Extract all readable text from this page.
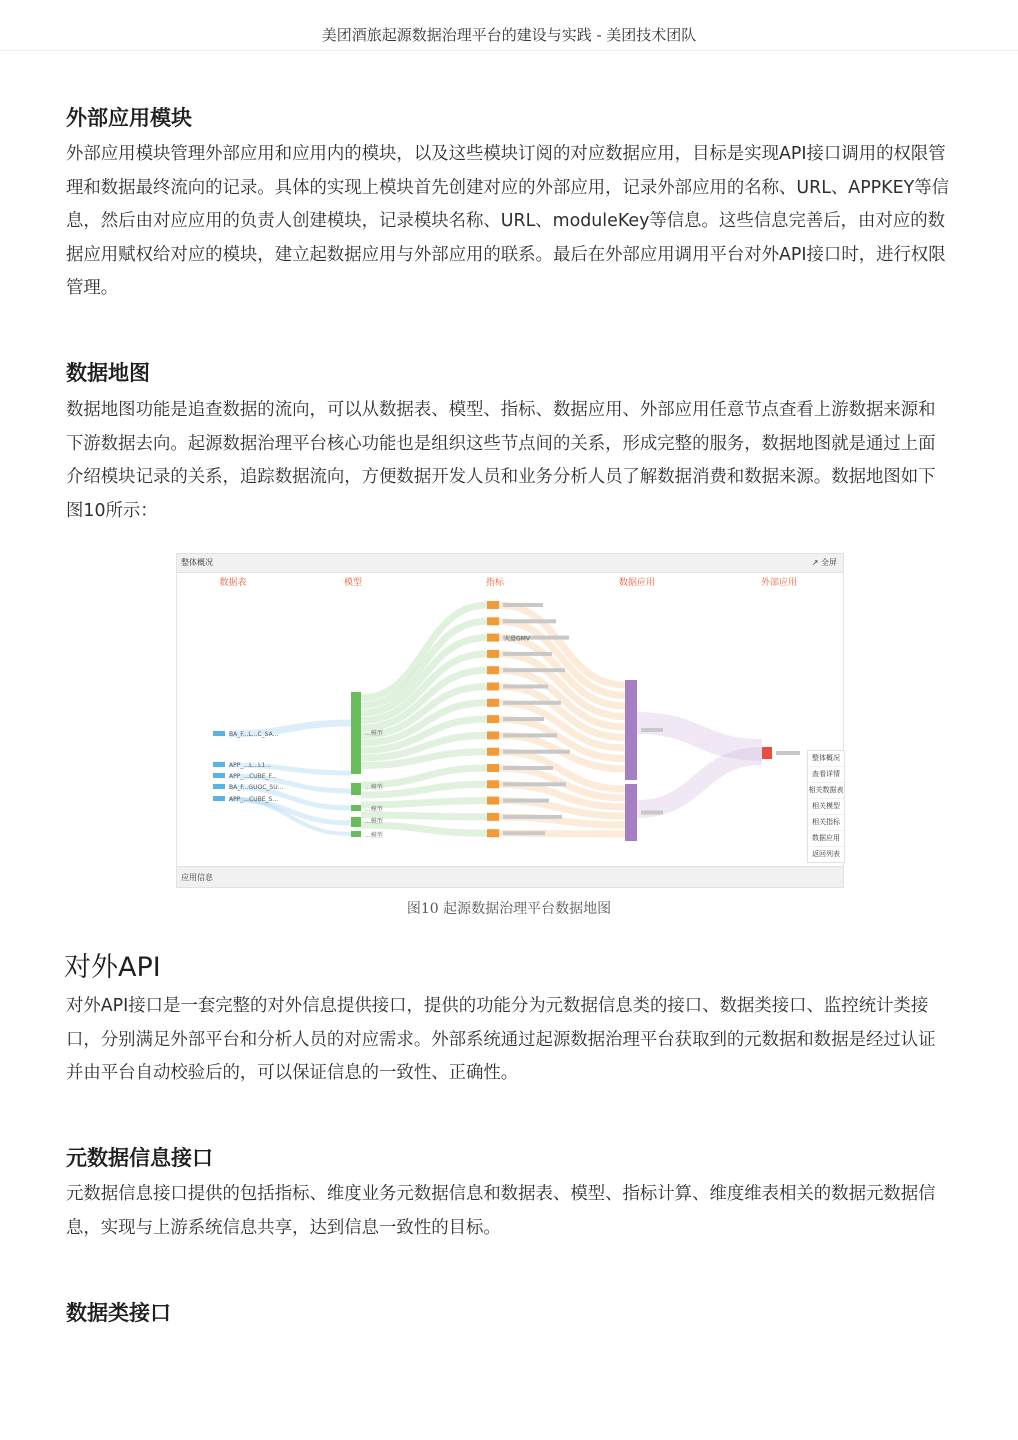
美团酒旅起源数据治理平台的建设与实践 - 美团技术团队
外部应用模块

外部应用模块管理外部应用和应用内的模块，以及这些模块订阅的对应数据应用，目标是实现API接口调用的权限管理和数据最终流向的记录。具体的实现上模块首先创建对应的外部应用，记录外部应用的名称、URL、APPKEY等信息，然后由对应应用的负责人创建模块，记录模块名称、URL、moduleKey等信息。这些信息完善后，由对应的数据应用赋权给对应的模块，建立起数据应用与外部应用的联系。最后在外部应用调用平台对外API接口时，进行权限管理。

数据地图

数据地图功能是追查数据的流向，可以从数据表、模型、指标、数据应用、外部应用任意节点查看上游数据来源和下游数据去向。起源数据治理平台核心功能也是组织这些节点间的关系，形成完整的服务，数据地图就是通过上面介绍模块记录的关系，追踪数据流向，方便数据开发人员和业务分析人员了解数据消费和数据来源。数据地图如下图10所示：

整体概况	↗ 全屏
数据表	模型	指标	数据应用	外部应用
BA_F...L...C_SA...
APP_...L...L1...
APP_...CUBE_F...
BA_F...GUOC_SU...
APP_...CUBE_S...
...模型
...模型
...模型
...模型
...模型
大盘GMV
整体概况
查看详情
相关数据表
相关模型
相关指标
数据应用
返回列表
应用信息
图10 起源数据治理平台数据地图
对外API

对外API接口是一套完整的对外信息提供接口，提供的功能分为元数据信息类的接口、数据类接口、监控统计类接口，分别满足外部平台和分析人员的对应需求。外部系统通过起源数据治理平台获取到的元数据和数据是经过认证并由平台自动校验后的，可以保证信息的一致性、正确性。

元数据信息接口

元数据信息接口提供的包括指标、维度业务元数据信息和数据表、模型、指标计算、维度维表相关的数据元数据信息，实现与上游系统信息共享，达到信息一致性的目标。

数据类接口
